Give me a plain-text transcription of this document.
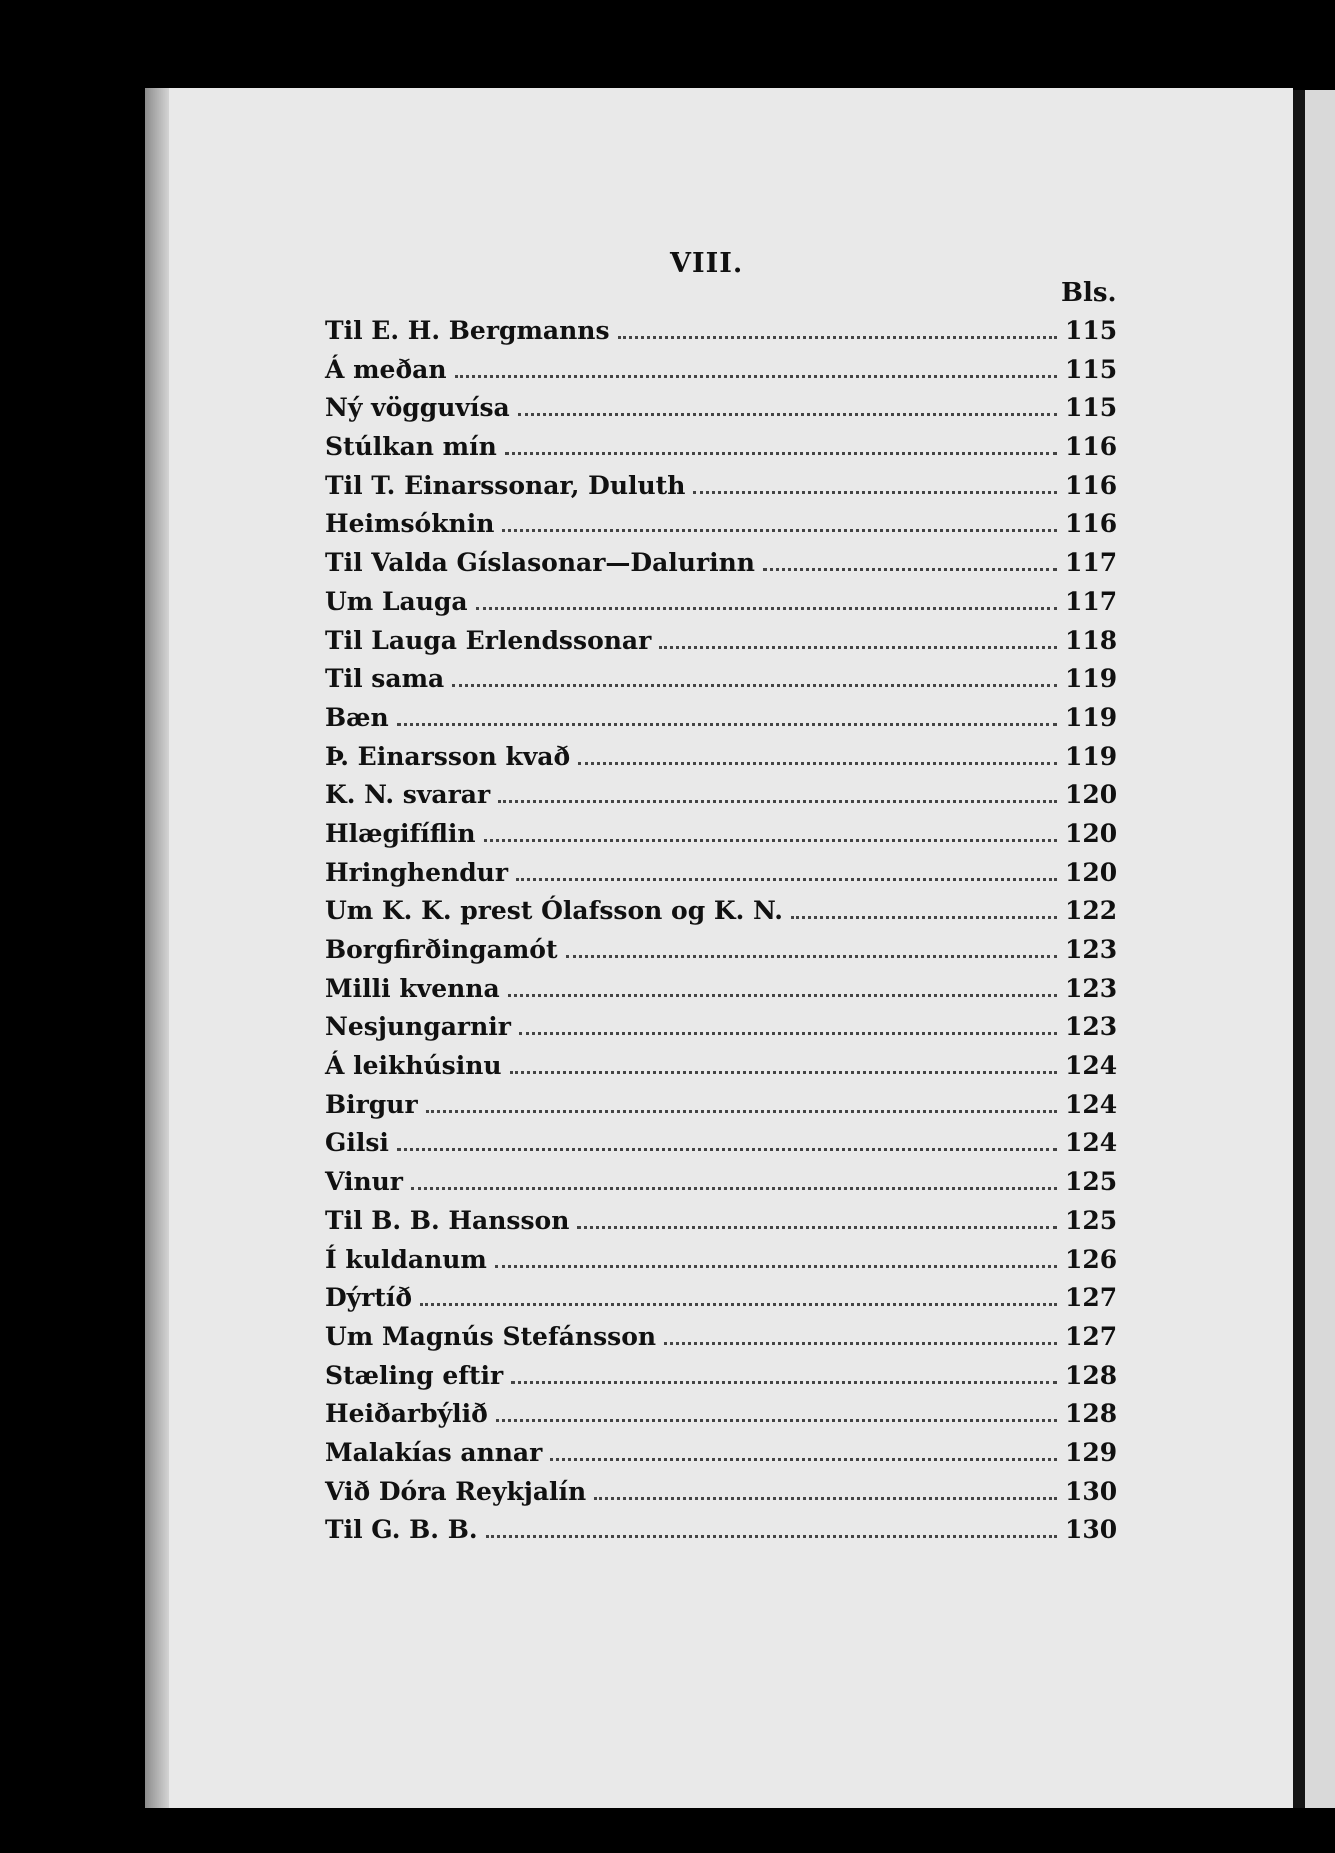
VIII.
Bls.
Til E. H. Bergmanns	115
Á meðan	115
Ný vögguvísa	115
Stúlkan mín	116
Til T. Einarssonar, Duluth	116
Heimsóknin	116
Til Valda Gíslasonar—Dalurinn	117
Um Lauga	117
Til Lauga Erlendssonar	118
Til sama	119
Bæn	119
Þ. Einarsson kvað	119
K. N. svarar	120
Hlægifíflin	120
Hringhendur	120
Um K. K. prest Ólafsson og K. N.	122
Borgfirðingamót	123
Milli kvenna	123
Nesjungarnir	123
Á leikhúsinu	124
Birgur	124
Gilsi	124
Vinur	125
Til B. B. Hansson	125
Í kuldanum	126
Dýrtíð	127
Um Magnús Stefánsson	127
Stæling eftir	128
Heiðarbýlið	128
Malakías annar	129
Við Dóra Reykjalín	130
Til G. B. B.	130
